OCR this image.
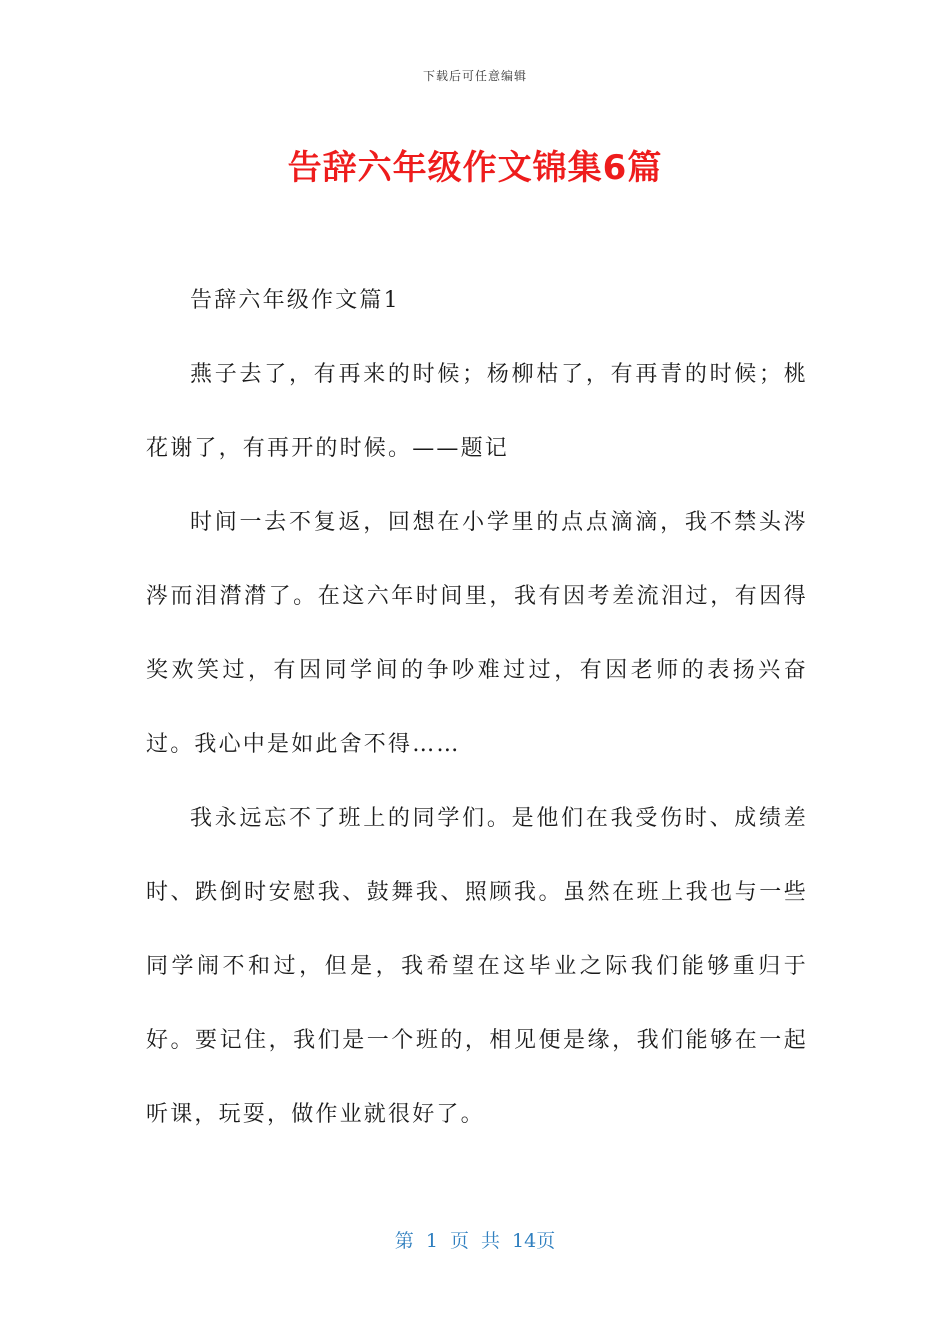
下载后可任意编辑
告辞六年级作文锦集6篇

告辞六年级作文篇1

燕子去了，有再来的时候；杨柳枯了，有再青的时候；桃花谢了，有再开的时候。——题记

时间一去不复返，回想在小学里的点点滴滴，我不禁头涔涔而泪潸潸了。在这六年时间里，我有因考差流泪过，有因得奖欢笑过，有因同学间的争吵难过过，有因老师的表扬兴奋过。我心中是如此舍不得……

我永远忘不了班上的同学们。是他们在我受伤时、成绩差时、跌倒时安慰我、鼓舞我、照顾我。虽然在班上我也与一些同学闹不和过，但是，我希望在这毕业之际我们能够重归于好。要记住，我们是一个班的，相见便是缘，我们能够在一起听课，玩耍，做作业就很好了。

第 1 页 共 14页
